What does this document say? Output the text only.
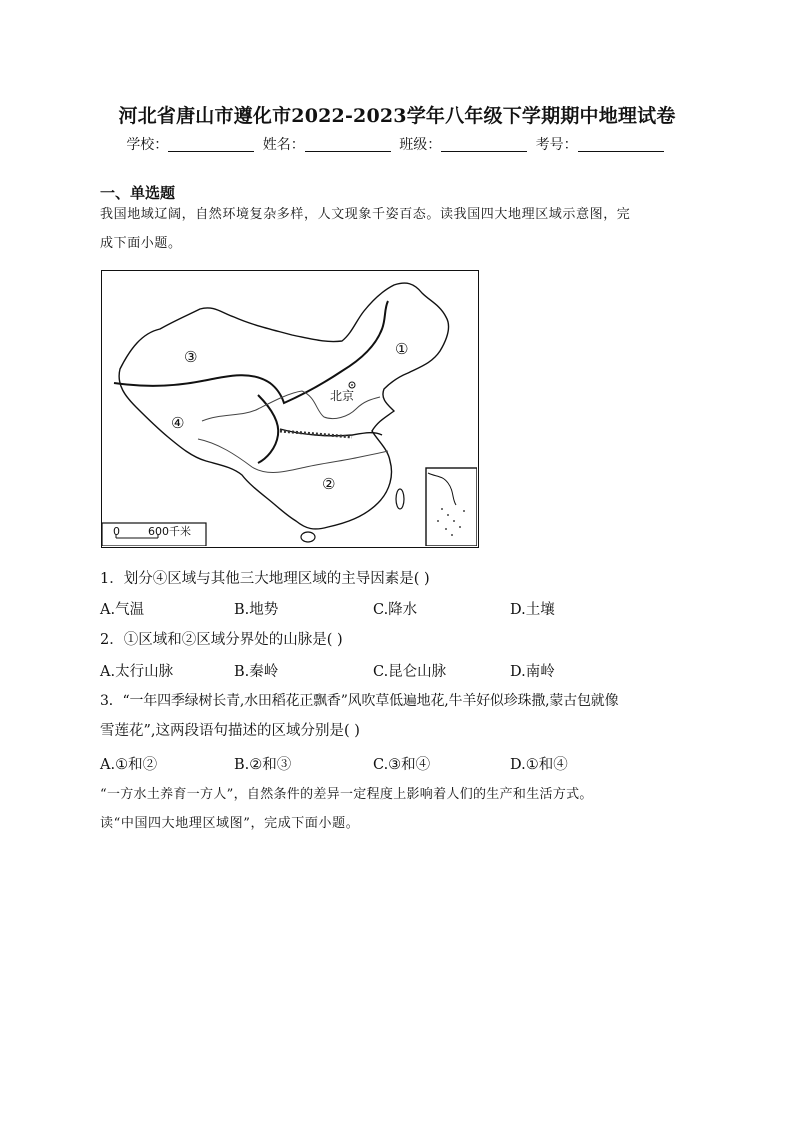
河北省唐山市遵化市2022-2023学年八年级下学期期中地理试卷
学校：	姓名：	班级：	考号：
一、单选题
我国地域辽阔，自然环境复杂多样，人文现象千姿百态。读我国四大地理区域示意图，完
成下面小题。
①
②
③
④
北京
0	600千米
1．划分④区域与其他三大地理区域的主导因素是( )
A.气温	B.地势	C.降水	D.土壤
2．①区域和②区域分界处的山脉是( )
A.太行山脉	B.秦岭	C.昆仑山脉	D.南岭
3．“一年四季绿树长青,水田稻花正飘香”风吹草低遍地花,牛羊好似珍珠撒,蒙古包就像
雪莲花”,这两段语句描述的区域分别是( )
A.①和②	B.②和③	C.③和④	D.①和④
“一方水土养育一方人”，自然条件的差异一定程度上影响着人们的生产和生活方式。
读“中国四大地理区域图”，完成下面小题。
